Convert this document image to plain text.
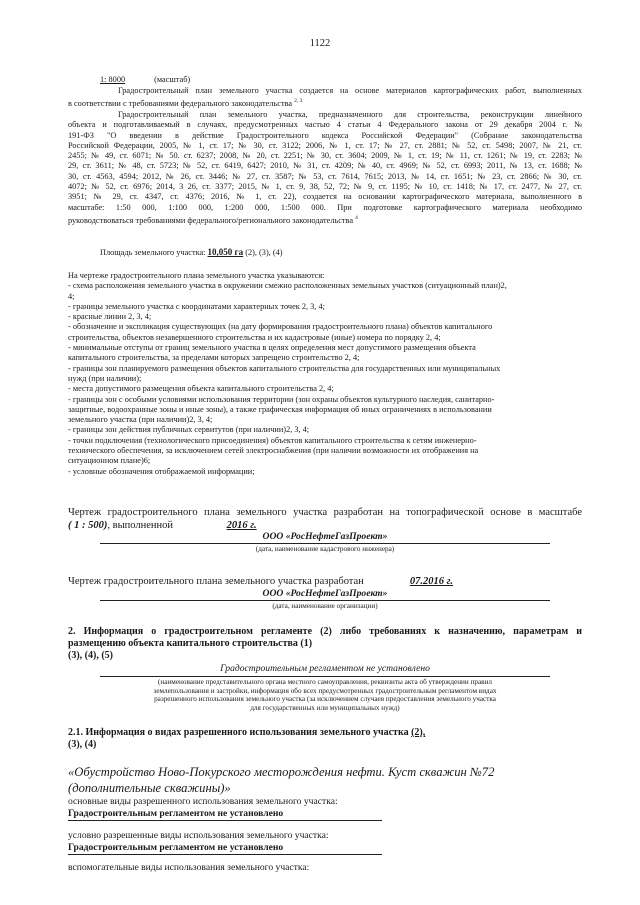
1122
1: 8000	(масштаб)
Градостроительный план земельного участка создается на основе материалов картографических работ, выполненных
в соответствии с требованиями федерального законодательства $^{2, 3}$
Градостроительный план земельного участка, предназначенного для строительства, реконструкции линейного
объекта и подготавливаемый в случаях, предусмотренных частью 4 статьи 4 Федерального закона от 29 декабря 2004 г. №
191-ФЗ "О введении в действие Градостроительного кодекса Российской Федерации" (Собрание законодательства
Российской Федерации, 2005, № 1, ст. 17; № 30, ст. 3122; 2006, № 1, ст. 17; № 27, ст. 2881; № 52, ст. 5498; 2007, № 21, ст.
2455; № 49, ст. 6071; № 50. ст. 6237; 2008, № 20, ст. 2251; № 30, ст. 3604; 2009, № 1, ст. 19; № 11, ст. 1261; № 19, ст. 2283; №
29, ст. 3611; № 48, ст. 5723; № 52, ст. 6419, 6427; 2010, № 31, ст. 4209; № 40, ст. 4969; № 52, ст. 6993; 2011, № 13, ст. 1688; №
30, ст. 4563, 4594; 2012, № 26, ст. 3446; № 27, ст. 3587; № 53, ст. 7614, 7615; 2013, № 14, ст. 1651; № 23, ст. 2866; № 30, ст.
4072; № 52, ст. 6976; 2014, 3 26, ст. 3377; 2015, № 1, ст. 9, 38, 52, 72; № 9, ст. 1195; № 10, ст. 1418; № 17, ст. 2477, № 27, ст.
3951; № 29, ст. 4347, ст. 4376; 2016, № 1, ст. 22), создается на основании картографического материала, выполненного в
масштабе: 1:50 000, 1:100 000, 1:200 000, 1:500 000. При подготовке картографического материала необходимо
руководствоваться требованиями федерального/регионального законодательства $^4$
Площадь земельного участка: 10,050 га (2), (3), (4)
На чертеже градостроительного плана земельного участка указываются:
- схема расположения земельного участка в окружении смежно расположенных земельных участков (ситуационный план)2,
4;
- границы земельного участка с координатами характерных точек 2, 3, 4;
- красные линии 2, 3, 4;
- обозначение и экспликация существующих (на дату формирования градостроительного плана) объектов капитального
строительства, объектов незавершенного строительства и их кадастровые (иные) номера по порядку 2, 4;
- минимальные отступы от границ земельного участка в целях определения мест допустимого размещения объекта
капитального строительства, за пределами которых запрещено строительство 2, 4;
- границы зон планируемого размещения объектов капитального строительства для государственных или муниципальных
нужд (при наличии);
- места допустимого размещения объекта капитального строительства 2, 4;
- границы зон с особыми условиями использования территории (зон охраны объектов культурного наследия, санитарно-
защитные, водоохранные зоны и иные зоны), а также графическая информация об иных ограничениях в использовании
земельного участка (при наличии)2, 3, 4;
- границы зон действия публичных сервитутов (при наличии)2, 3, 4;
- точки подключения (технологического присоединения) объектов капитального строительства к сетям инженерно-
технического обеспечения, за исключением сетей электроснабжения (при наличии возможности их отображения на
ситуационном плане)6;
- условные обозначения отображаемой информации;
Чертеж градостроительного плана земельного участка разработан на топографической основе в масштабе
( 1 : 500), выполненной	2016 г.
ООО «РосНефтеГазПроект»
(дата, наименование кадастрового инженера)
Чертеж градостроительного плана земельного участка разработан	07.2016 г.
ООО «РосНефтеГазПроект»
(дата, наименование организации)
2. Информация о градостроительном регламенте (2) либо требованиях к назначению, параметрам и
размещению объекта капитального строительства (1)
(3), (4), (5)
Градостроительным регламентом не установлено
(наименование представительного органа местного самоуправления, реквизиты акта об утверждении правил
землепользования и застройки, информация обо всех предусмотренных градостроительным регламентом видах
разрешенного использования земельного участка (за исключением случаев предоставления земельного участка
для государственных или муниципальных нужд)
2.1. Информация о видах разрешенного использования земельного участка (2),
(3), (4)
«Обустройство Ново-Покурского месторождения нефти. Куст скважин №72
(дополнительные скважины)»
основные виды разрешенного использования земельного участка:
Градостроительным регламентом не установлено
условно разрешенные виды использования земельного участка:
Градостроительным регламентом не установлено
вспомогательные виды использования земельного участка:
